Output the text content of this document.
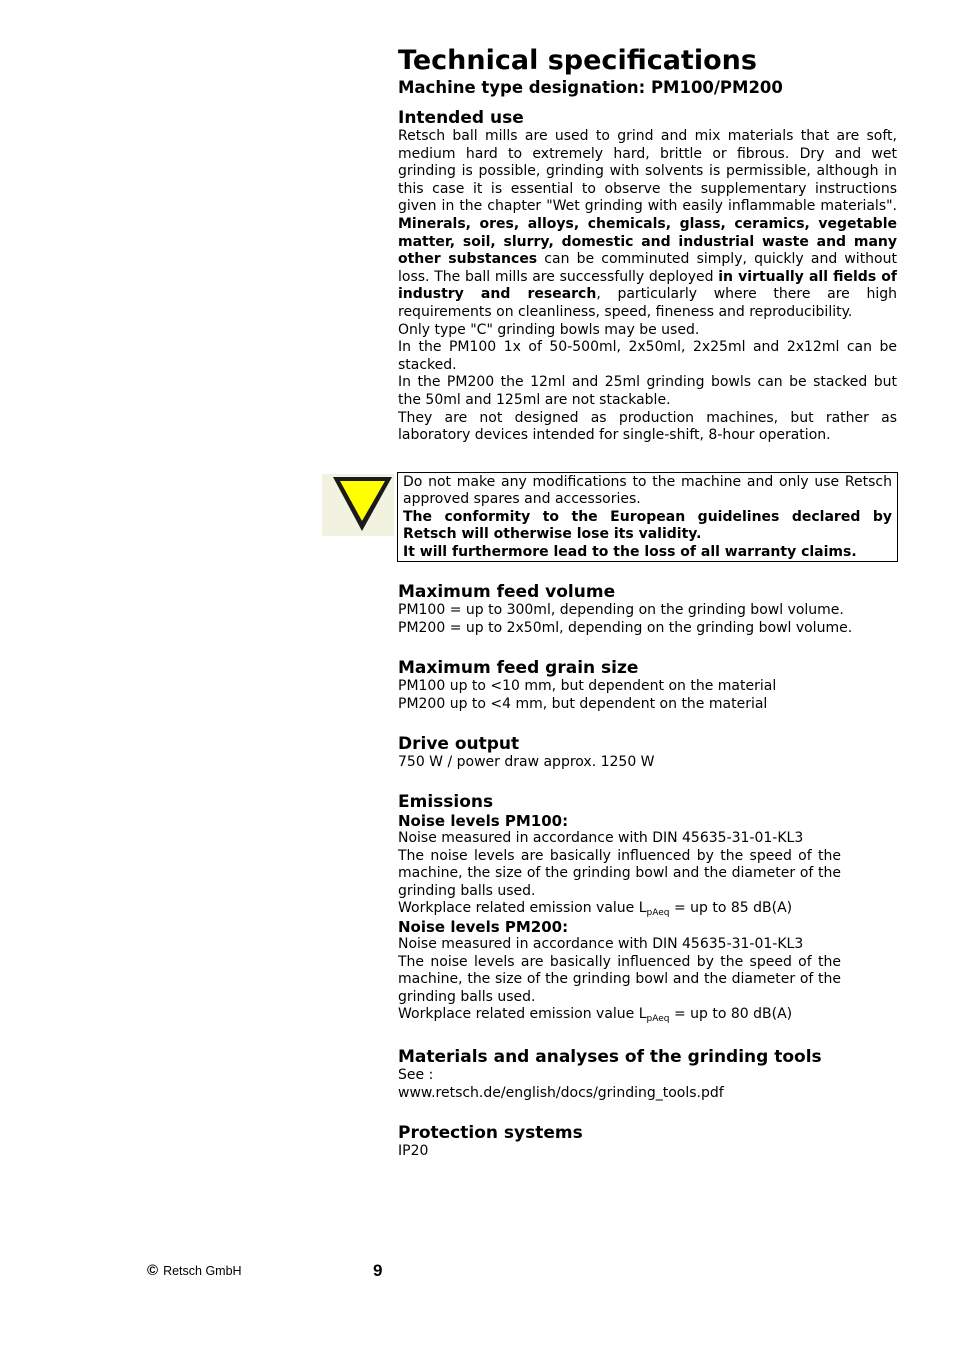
Technical specifications
Machine type designation: PM100/PM200
Intended use

Retsch ball mills are used to grind and mix materials that are soft, medium hard to extremely hard, brittle or fibrous. Dry and wet grinding is possible, grinding with solvents is permissible, although in this case it is essential to observe the supplementary instructions given in the chapter "Wet grinding with easily inflammable materials". Minerals, ores, alloys, chemicals, glass, ceramics, vegetable matter, soil, slurry, domestic and industrial waste and many other substances can be comminuted simply, quickly and without loss. The ball mills are successfully deployed in virtually all fields of industry and research, particularly where there are high requirements on cleanliness, speed, fineness and reproducibility.

Only type "C" grinding bowls may be used.

In the PM100 1x of 50-500ml, 2x50ml, 2x25ml and 2x12ml can be stacked.

In the PM200 the 12ml and 25ml grinding bowls can be stacked but the 50ml and 125ml are not stackable.

They are not designed as production machines, but rather as laboratory devices intended for single-shift, 8-hour operation.

Do not make any modifications to the machine and only use Retsch approved spares and accessories.
The conformity to the European guidelines declared by Retsch will otherwise lose its validity.
It will furthermore lead to the loss of all warranty claims.
Maximum feed volume

PM100 = up to 300ml, depending on the grinding bowl volume.

PM200 = up to 2x50ml, depending on the grinding bowl volume.

Maximum feed grain size

PM100 up to <10 mm, but dependent on the material

PM200 up to <4 mm, but dependent on the material

Drive output

750 W / power draw approx. 1250 W

Emissions
Noise levels PM100:

Noise measured in accordance with DIN 45635-31-01-KL3

The noise levels are basically influenced by the speed of the machine, the size of the grinding bowl and the diameter of the grinding balls used.

Workplace related emission value $L_{pAeq}$ = up to 85 dB(A)

Noise levels PM200:

Noise measured in accordance with DIN 45635-31-01-KL3

The noise levels are basically influenced by the speed of the machine, the size of the grinding bowl and the diameter of the grinding balls used.

Workplace related emission value $L_{pAeq}$ = up to 80 dB(A)

Materials and analyses of the grinding tools

See :

www.retsch.de/english/docs/grinding_tools.pdf

Protection systems

IP20

© Retsch GmbH	9
